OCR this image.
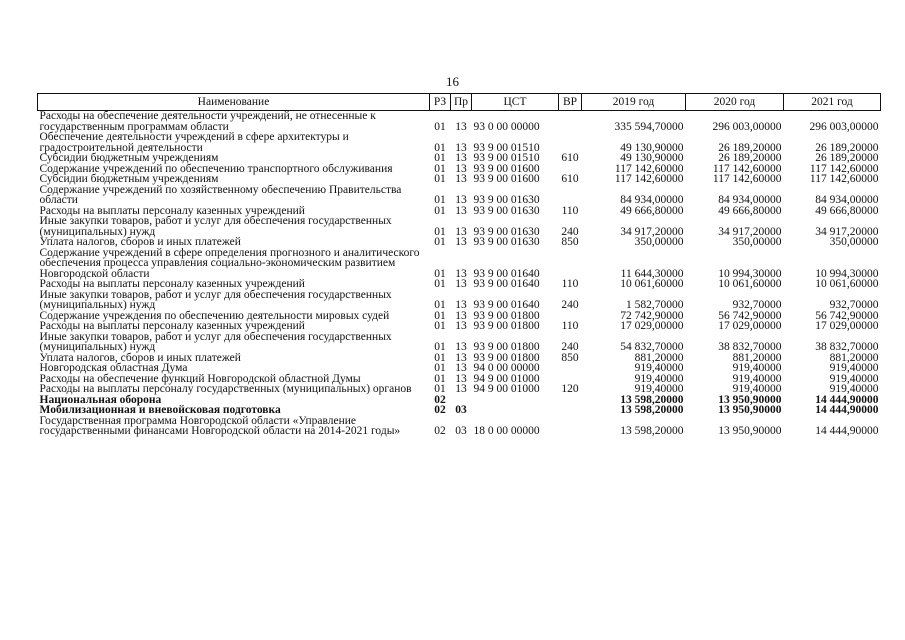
16
Наименование	РЗ	Пр	ЦСТ	ВР	2019 год	2020 год	2021 год
Расходы на обеспечение деятельности учреждений, не отнесенные к государственным программам области	01	13	93 0 00 00000		335 594,70000	296 003,00000	296 003,00000
Обеспечение деятельности учреждений в сфере архитектуры и градостроительной деятельности	01	13	93 9 00 01510		49 130,90000	26 189,20000	26 189,20000
Субсидии бюджетным учреждениям	01	13	93 9 00 01510	610	49 130,90000	26 189,20000	26 189,20000
Содержание учреждений по обеспечению транспортного обслуживания	01	13	93 9 00 01600		117 142,60000	117 142,60000	117 142,60000
Субсидии бюджетным учреждениям	01	13	93 9 00 01600	610	117 142,60000	117 142,60000	117 142,60000
Содержание учреждений по хозяйственному обеспечению Правительства области	01	13	93 9 00 01630		84 934,00000	84 934,00000	84 934,00000
Расходы на выплаты персоналу казенных учреждений	01	13	93 9 00 01630	110	49 666,80000	49 666,80000	49 666,80000
Иные закупки товаров, работ и услуг для обеспечения государственных (муниципальных) нужд	01	13	93 9 00 01630	240	34 917,20000	34 917,20000	34 917,20000
Уплата налогов, сборов и иных платежей	01	13	93 9 00 01630	850	350,00000	350,00000	350,00000
Содержание учреждений в сфере определения прогнозного и аналитического обеспечения процесса управления социально-экономическим развитием Новгородской области	01	13	93 9 00 01640		11 644,30000	10 994,30000	10 994,30000
Расходы на выплаты персоналу казенных учреждений	01	13	93 9 00 01640	110	10 061,60000	10 061,60000	10 061,60000
Иные закупки товаров, работ и услуг для обеспечения государственных (муниципальных) нужд	01	13	93 9 00 01640	240	1 582,70000	932,70000	932,70000
Содержание учреждения по обеспечению деятельности мировых судей	01	13	93 9 00 01800		72 742,90000	56 742,90000	56 742,90000
Расходы на выплаты персоналу казенных учреждений	01	13	93 9 00 01800	110	17 029,00000	17 029,00000	17 029,00000
Иные закупки товаров, работ и услуг для обеспечения государственных (муниципальных) нужд	01	13	93 9 00 01800	240	54 832,70000	38 832,70000	38 832,70000
Уплата налогов, сборов и иных платежей	01	13	93 9 00 01800	850	881,20000	881,20000	881,20000
Новгородская областная Дума	01	13	94 0 00 00000		919,40000	919,40000	919,40000
Расходы на обеспечение функций Новгородской областной Думы	01	13	94 9 00 01000		919,40000	919,40000	919,40000
Расходы на выплаты персоналу государственных (муниципальных) органов	01	13	94 9 00 01000	120	919,40000	919,40000	919,40000
Национальная оборона	02				13 598,20000	13 950,90000	14 444,90000
Мобилизационная и вневойсковая подготовка	02	03			13 598,20000	13 950,90000	14 444,90000
Государственная программа Новгородской области «Управление государственными финансами Новгородской области на 2014-2021 годы»	02	03	18 0 00 00000		13 598,20000	13 950,90000	14 444,90000
